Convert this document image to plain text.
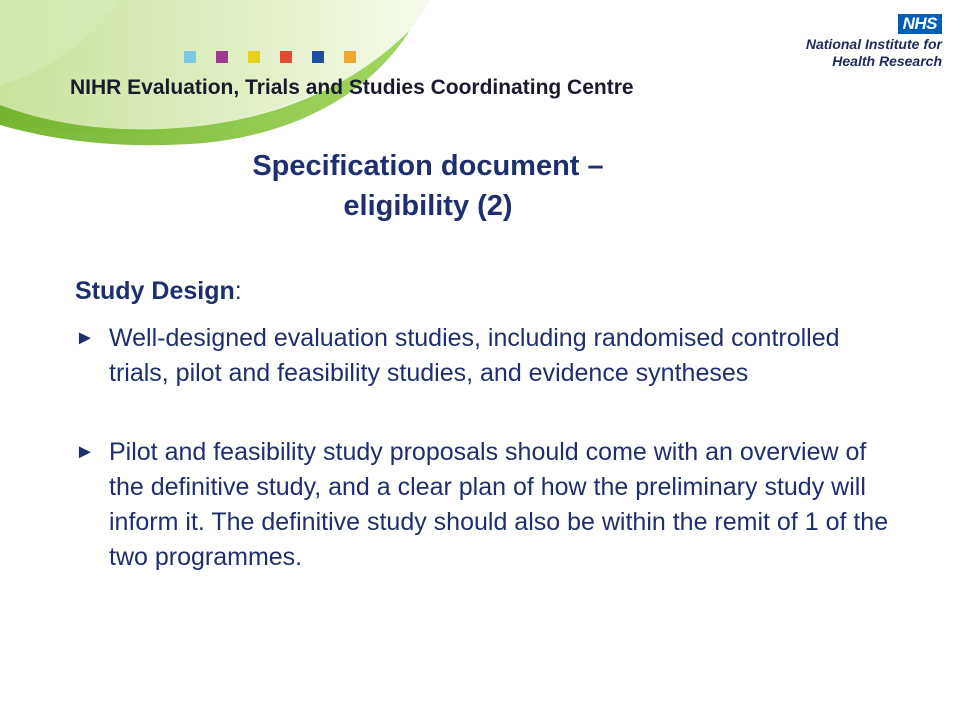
NHS
National Institute for
Health Research
NIHR Evaluation, Trials and Studies Coordinating Centre
Specification document –
eligibility (2)

Study Design:

► Well-designed evaluation studies, including randomised controlled trials, pilot and feasibility studies, and evidence syntheses
► Pilot and feasibility study proposals should come with an overview of the definitive study, and a clear plan of how the preliminary study will inform it. The definitive study should also be within the remit of 1 of the two programmes.
